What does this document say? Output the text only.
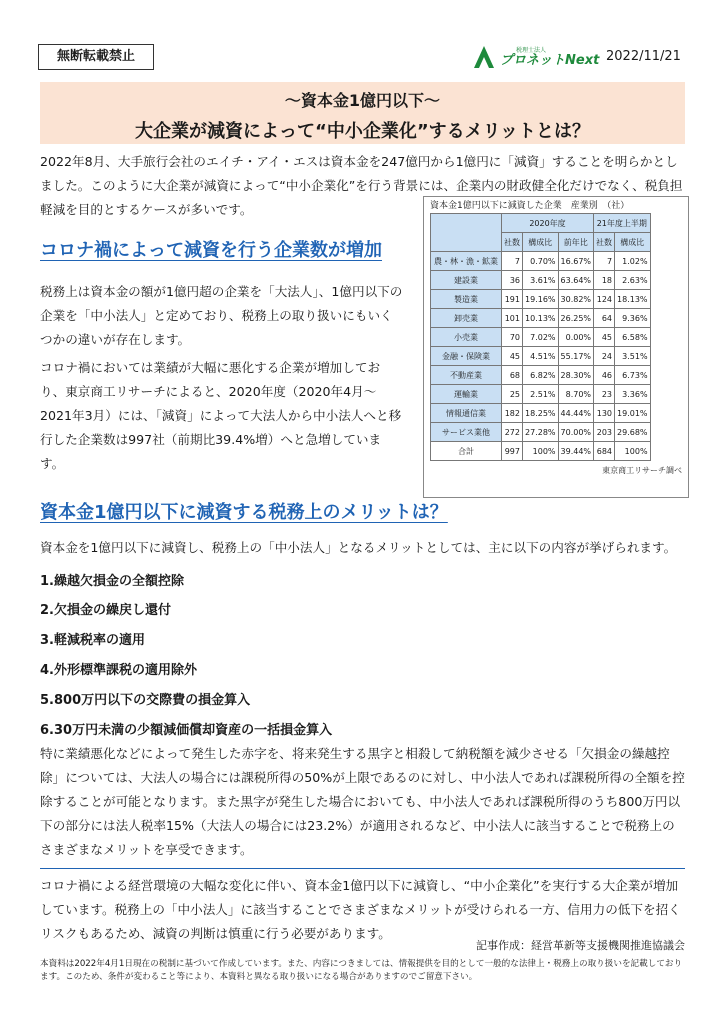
無断転載禁止	税理士法人
プロネットNext 2022/11/21
〜資本金1億円以下〜
大企業が減資によって“中小企業化”するメリットとは？
2022年8月、大手旅行会社のエイチ・アイ・エスは資本金を247億円から1億円に「減資」することを明らかとしました。このように大企業が減資によって“中小企業化”を行う背景には、企業内の財政健全化だけでなく、税負担軽減を目的とするケースが多いです。
コロナ禍によって減資を行う企業数が増加
税務上は資本金の額が1億円超の企業を「大法人」、1億円以下の企業を「中小法人」と定めており、税務上の取り扱いにもいくつかの違いが存在します。
コロナ禍においては業績が大幅に悪化する企業が増加しており、東京商工リサーチによると、2020年度（2020年4月〜2021年3月）には、「減資」によって大法人から中小法人へと移行した企業数は997社（前期比39.4%増）へと急増しています。
資本金1億円以下に減資した企業　産業別　（社）
	2020年度			21年度上半期	
	社数	構成比	前年比	社数	構成比
農・林・漁・鉱業	7	0.70%	16.67%	7	1.02%
建設業	36	3.61%	63.64%	18	2.63%
製造業	191	19.16%	30.82%	124	18.13%
卸売業	101	10.13%	26.25%	64	9.36%
小売業	70	7.02%	0.00%	45	6.58%
金融・保険業	45	4.51%	55.17%	24	3.51%
不動産業	68	6.82%	28.30%	46	6.73%
運輸業	25	2.51%	8.70%	23	3.36%
情報通信業	182	18.25%	44.44%	130	19.01%
サービス業他	272	27.28%	70.00%	203	29.68%
合計	997	100%	39.44%	684	100%
東京商工リサーチ調べ
資本金1億円以下に減資する税務上のメリットは？
資本金を1億円以下に減資し、税務上の「中小法人」となるメリットとしては、主に以下の内容が挙げられます。
1.繰越欠損金の全額控除
2.欠損金の繰戻し還付
3.軽減税率の適用
4.外形標準課税の適用除外
5.800万円以下の交際費の損金算入
6.30万円未満の少額減価償却資産の一括損金算入
特に業績悪化などによって発生した赤字を、将来発生する黒字と相殺して納税額を減少させる「欠損金の繰越控除」については、大法人の場合には課税所得の50%が上限であるのに対し、中小法人であれば課税所得の全額を控除することが可能となります。また黒字が発生した場合においても、中小法人であれば課税所得のうち800万円以下の部分には法人税率15%（大法人の場合には23.2%）が適用されるなど、中小法人に該当することで税務上のさまざまなメリットを享受できます。
コロナ禍による経営環境の大幅な変化に伴い、資本金1億円以下に減資し、“中小企業化”を実行する大企業が増加しています。税務上の「中小法人」に該当することでさまざまなメリットが受けられる一方、信用力の低下を招くリスクもあるため、減資の判断は慎重に行う必要があります。
記事作成：経営革新等支援機関推進協議会
本資料は2022年4月1日現在の税制に基づいて作成しています。また、内容につきましては、情報提供を目的として一般的な法律上・税務上の取り扱いを記載しております。このため、条件が変わること等により、本資料と異なる取り扱いになる場合がありますのでご留意下さい。
